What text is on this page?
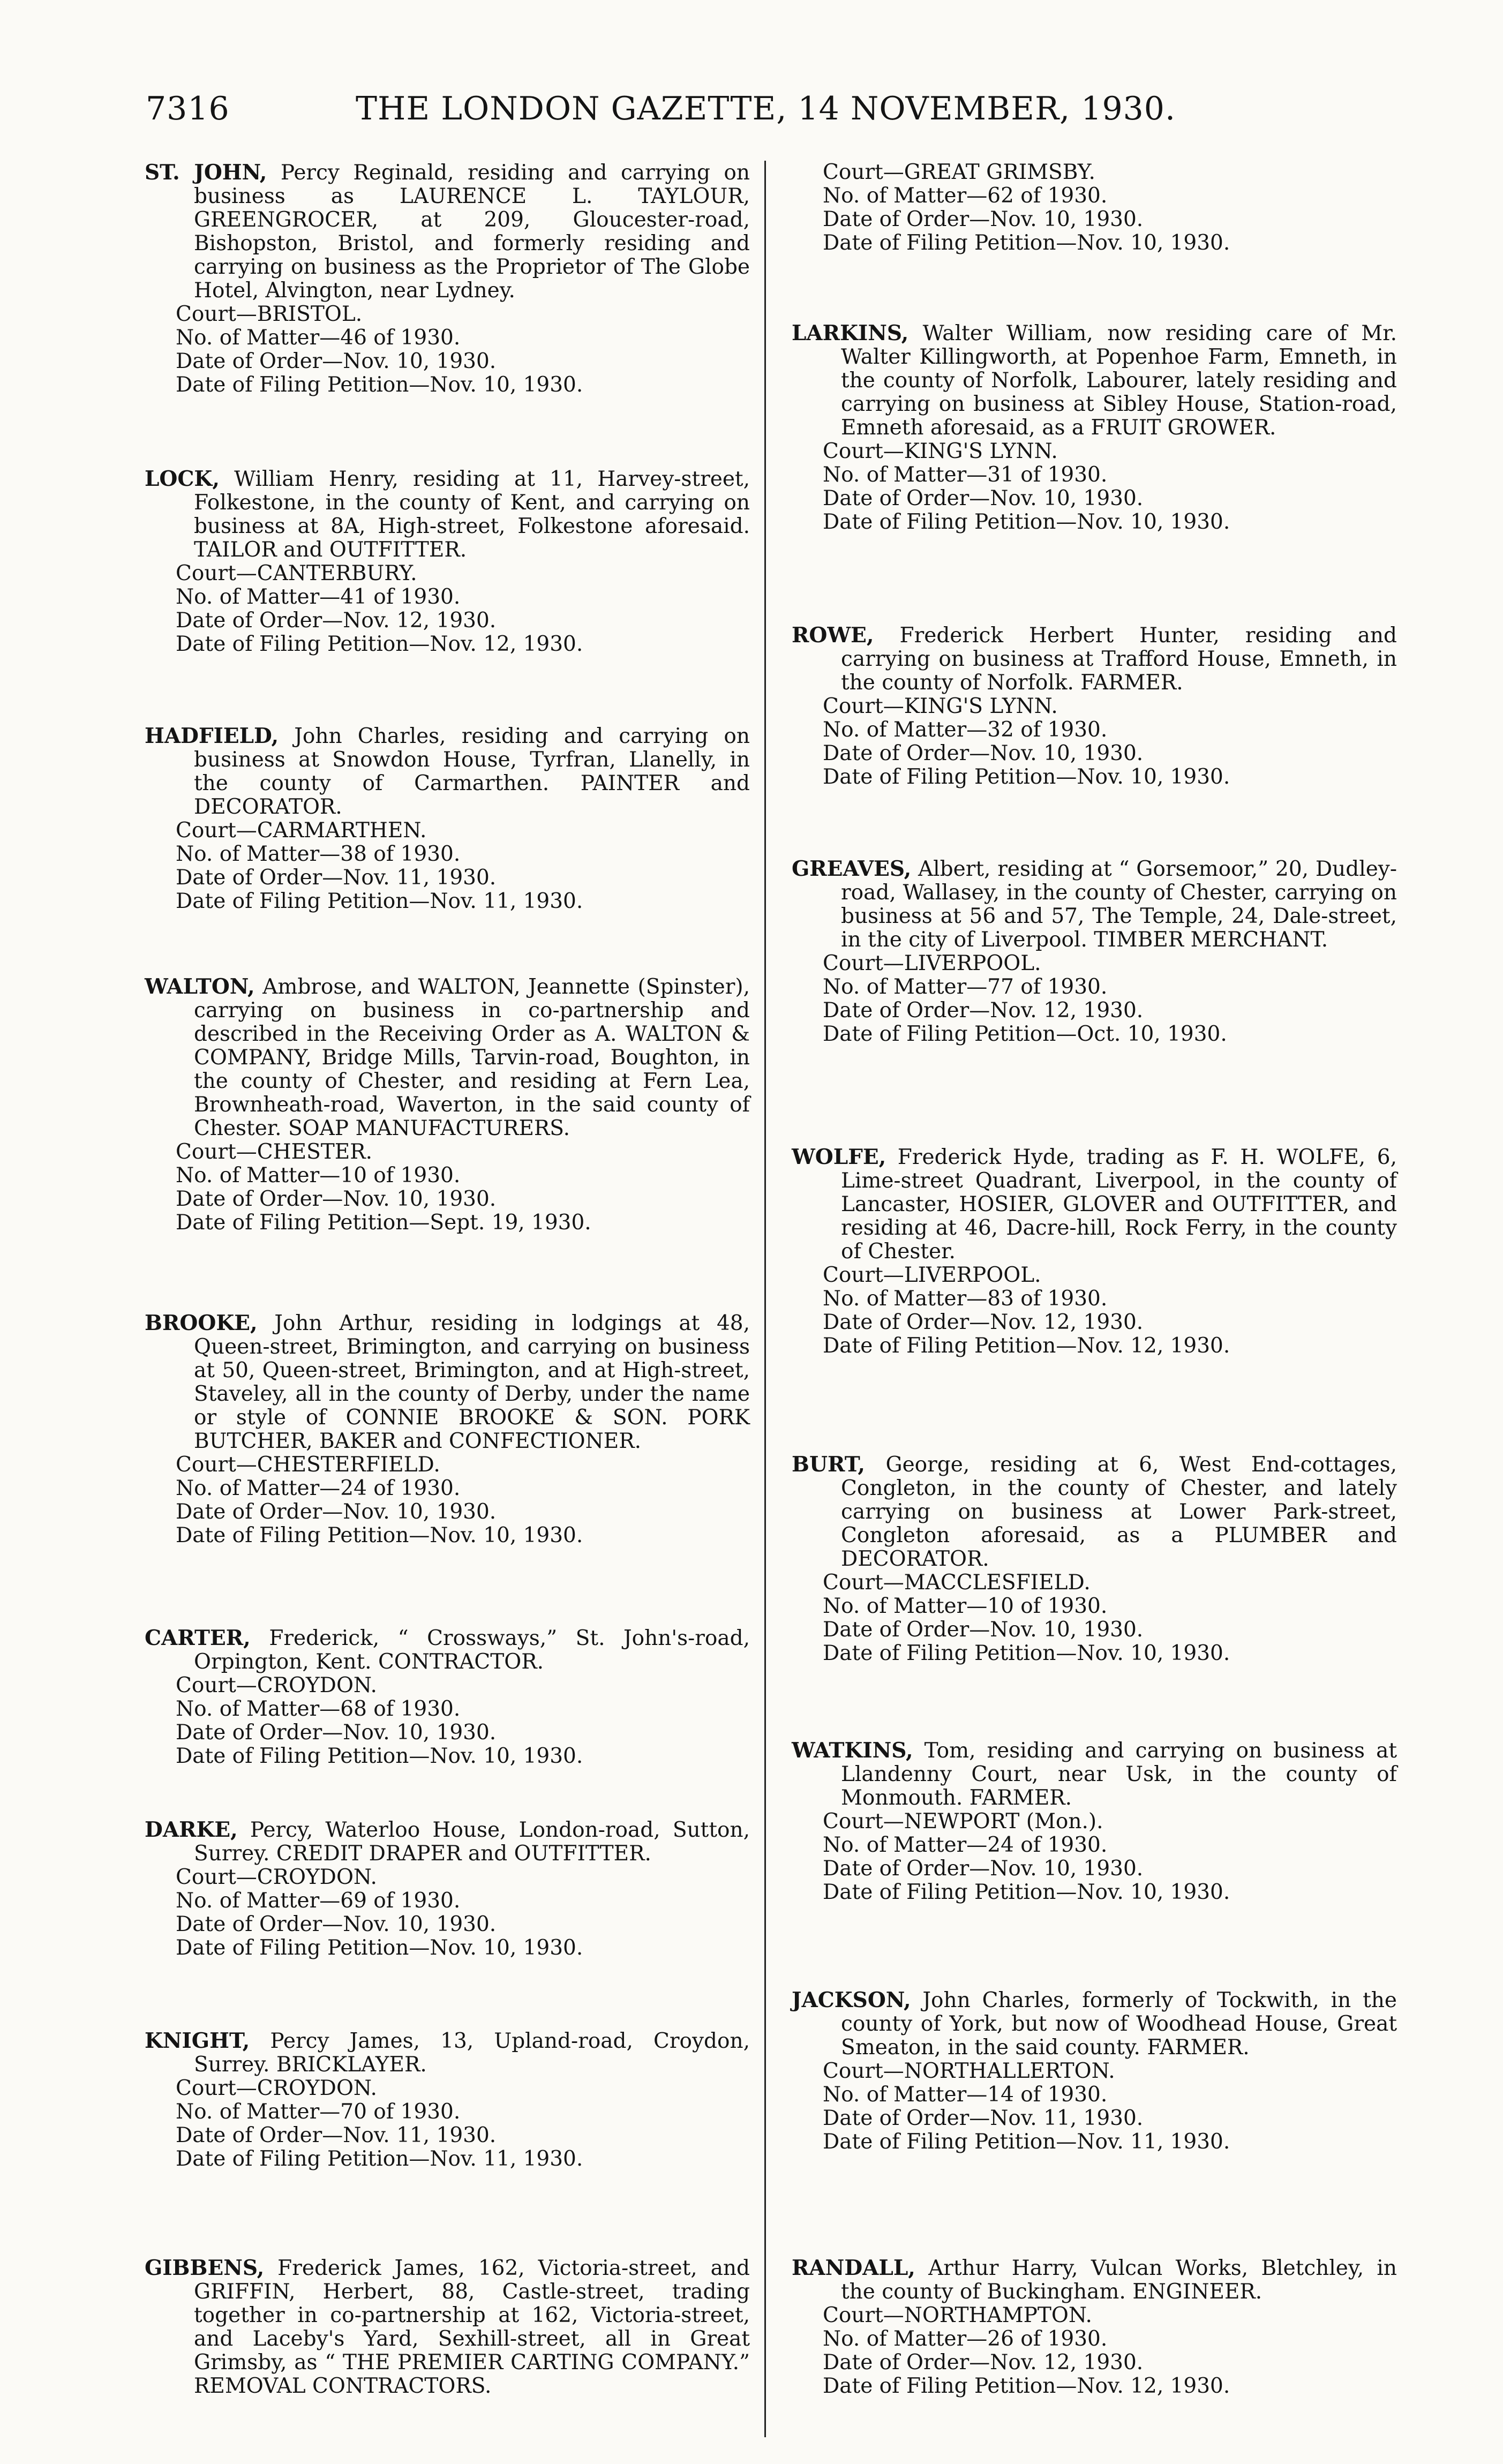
7316	THE LONDON GAZETTE, 14 NOVEMBER, 1930.

ST. JOHN, Percy Reginald, residing and carrying on business as LAURENCE L. TAYLOUR, GREENGROCER, at 209, Gloucester-road, Bishopston, Bristol, and formerly residing and carrying on business as the Proprietor of The Globe Hotel, Alvington, near Lydney.

Court—BRISTOL.

No. of Matter—46 of 1930.

Date of Order—Nov. 10, 1930.

Date of Filing Petition—Nov. 10, 1930.

LOCK, William Henry, residing at 11, Harvey-street, Folkestone, in the county of Kent, and carrying on business at 8A, High-street, Folkestone aforesaid. TAILOR and OUTFITTER.

Court—CANTERBURY.

No. of Matter—41 of 1930.

Date of Order—Nov. 12, 1930.

Date of Filing Petition—Nov. 12, 1930.

HADFIELD, John Charles, residing and carrying on business at Snowdon House, Tyrfran, Llanelly, in the county of Carmarthen. PAINTER and DECORATOR.

Court—CARMARTHEN.

No. of Matter—38 of 1930.

Date of Order—Nov. 11, 1930.

Date of Filing Petition—Nov. 11, 1930.

WALTON, Ambrose, and WALTON, Jeannette (Spinster), carrying on business in co-partnership and described in the Receiving Order as A. WALTON & COMPANY, Bridge Mills, Tarvin-road, Boughton, in the county of Chester, and residing at Fern Lea, Brownheath-road, Waverton, in the said county of Chester. SOAP MANUFACTURERS.

Court—CHESTER.

No. of Matter—10 of 1930.

Date of Order—Nov. 10, 1930.

Date of Filing Petition—Sept. 19, 1930.

BROOKE, John Arthur, residing in lodgings at 48, Queen-street, Brimington, and carrying on business at 50, Queen-street, Brimington, and at High-street, Staveley, all in the county of Derby, under the name or style of CONNIE BROOKE & SON. PORK BUTCHER, BAKER and CONFECTIONER.

Court—CHESTERFIELD.

No. of Matter—24 of 1930.

Date of Order—Nov. 10, 1930.

Date of Filing Petition—Nov. 10, 1930.

CARTER, Frederick, “ Crossways,” St. John's-road, Orpington, Kent. CONTRACTOR.

Court—CROYDON.

No. of Matter—68 of 1930.

Date of Order—Nov. 10, 1930.

Date of Filing Petition—Nov. 10, 1930.

DARKE, Percy, Waterloo House, London-road, Sutton, Surrey. CREDIT DRAPER and OUTFITTER.

Court—CROYDON.

No. of Matter—69 of 1930.

Date of Order—Nov. 10, 1930.

Date of Filing Petition—Nov. 10, 1930.

KNIGHT, Percy James, 13, Upland-road, Croydon, Surrey. BRICKLAYER.

Court—CROYDON.

No. of Matter—70 of 1930.

Date of Order—Nov. 11, 1930.

Date of Filing Petition—Nov. 11, 1930.

GIBBENS, Frederick James, 162, Victoria-street, and GRIFFIN, Herbert, 88, Castle-street, trading together in co-partnership at 162, Victoria-street, and Laceby's Yard, Sexhill-street, all in Great Grimsby, as “ THE PREMIER CARTING COMPANY.” REMOVAL CONTRACTORS.

Court—GREAT GRIMSBY.

No. of Matter—62 of 1930.

Date of Order—Nov. 10, 1930.

Date of Filing Petition—Nov. 10, 1930.

LARKINS, Walter William, now residing care of Mr. Walter Killingworth, at Popenhoe Farm, Emneth, in the county of Norfolk, Labourer, lately residing and carrying on business at Sibley House, Station-road, Emneth aforesaid, as a FRUIT GROWER.

Court—KING'S LYNN.

No. of Matter—31 of 1930.

Date of Order—Nov. 10, 1930.

Date of Filing Petition—Nov. 10, 1930.

ROWE, Frederick Herbert Hunter, residing and carrying on business at Trafford House, Emneth, in the county of Norfolk. FARMER.

Court—KING'S LYNN.

No. of Matter—32 of 1930.

Date of Order—Nov. 10, 1930.

Date of Filing Petition—Nov. 10, 1930.

GREAVES, Albert, residing at “ Gorsemoor,” 20, Dudley-road, Wallasey, in the county of Chester, carrying on business at 56 and 57, The Temple, 24, Dale-street, in the city of Liverpool. TIMBER MERCHANT.

Court—LIVERPOOL.

No. of Matter—77 of 1930.

Date of Order—Nov. 12, 1930.

Date of Filing Petition—Oct. 10, 1930.

WOLFE, Frederick Hyde, trading as F. H. WOLFE, 6, Lime-street Quadrant, Liverpool, in the county of Lancaster, HOSIER, GLOVER and OUTFITTER, and residing at 46, Dacre-hill, Rock Ferry, in the county of Chester.

Court—LIVERPOOL.

No. of Matter—83 of 1930.

Date of Order—Nov. 12, 1930.

Date of Filing Petition—Nov. 12, 1930.

BURT, George, residing at 6, West End-cottages, Congleton, in the county of Chester, and lately carrying on business at Lower Park-street, Congleton aforesaid, as a PLUMBER and DECORATOR.

Court—MACCLESFIELD.

No. of Matter—10 of 1930.

Date of Order—Nov. 10, 1930.

Date of Filing Petition—Nov. 10, 1930.

WATKINS, Tom, residing and carrying on business at Llandenny Court, near Usk, in the county of Monmouth. FARMER.

Court—NEWPORT (Mon.).

No. of Matter—24 of 1930.

Date of Order—Nov. 10, 1930.

Date of Filing Petition—Nov. 10, 1930.

JACKSON, John Charles, formerly of Tockwith, in the county of York, but now of Woodhead House, Great Smeaton, in the said county. FARMER.

Court—NORTHALLERTON.

No. of Matter—14 of 1930.

Date of Order—Nov. 11, 1930.

Date of Filing Petition—Nov. 11, 1930.

RANDALL, Arthur Harry, Vulcan Works, Bletchley, in the county of Buckingham. ENGINEER.

Court—NORTHAMPTON.

No. of Matter—26 of 1930.

Date of Order—Nov. 12, 1930.

Date of Filing Petition—Nov. 12, 1930.
